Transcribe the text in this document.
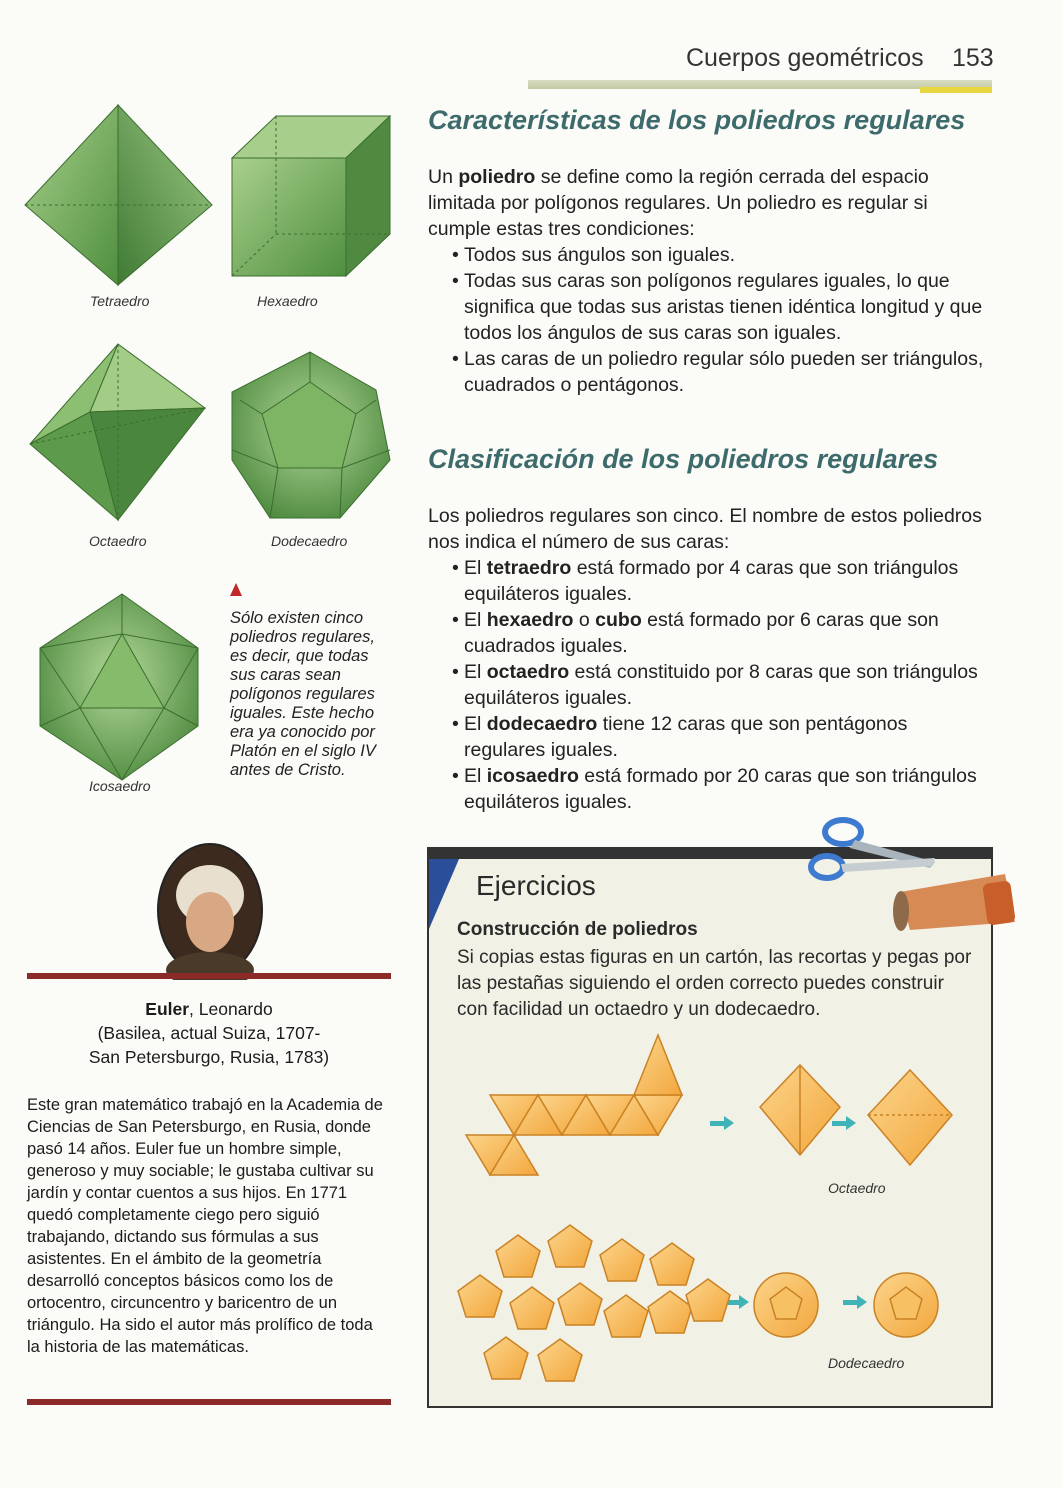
Cuerpos geométricos 153
Tetraedro	Hexaedro
Octaedro	Dodecaedro
Icosaedro
Sólo existen cinco poliedros regulares, es decir, que todas sus caras sean polígonos regulares iguales. Este hecho era ya conocido por Platón en el siglo IV antes de Cristo.
Euler, Leonardo
(Basilea, actual Suiza, 1707-
San Petersburgo, Rusia, 1783)
Este gran matemático trabajó en la Academia de Ciencias de San Petersburgo, en Rusia, donde pasó 14 años. Euler fue un hombre simple, generoso y muy sociable; le gustaba cultivar su jardín y contar cuentos a sus hijos. En 1771 quedó completamente ciego pero siguió trabajando, dictando sus fórmulas a sus asistentes. En el ámbito de la geometría desarrolló conceptos básicos como los de ortocentro, circuncentro y baricentro de un triángulo. Ha sido el autor más prolífico de toda la historia de las matemáticas.
Características de los poliedros regulares
Un poliedro se define como la región cerrada del espacio limitada por polígonos regulares. Un poliedro es regular si cumple estas tres condiciones:
• Todos sus ángulos son iguales.
• Todas sus caras son polígonos regulares iguales, lo que significa que todas sus aristas tienen idéntica longitud y que todos los ángulos de sus caras son iguales.
• Las caras de un poliedro regular sólo pueden ser triángulos, cuadrados o pentágonos.
Clasificación de los poliedros regulares
Los poliedros regulares son cinco. El nombre de estos poliedros nos indica el número de sus caras:
• El tetraedro está formado por 4 caras que son triángulos equiláteros iguales.
• El hexaedro o cubo está formado por 6 caras que son cuadrados iguales.
• El octaedro está constituido por 8 caras que son triángulos equiláteros iguales.
• El dodecaedro tiene 12 caras que son pentágonos regulares iguales.
• El icosaedro está formado por 20 caras que son triángulos equiláteros iguales.
Ejercicios
Construcción de poliedros
Si copias estas figuras en un cartón, las recortas y pegas por las pestañas siguiendo el orden correcto puedes construir con facilidad un octaedro y un dodecaedro.
Octaedro
Dodecaedro
